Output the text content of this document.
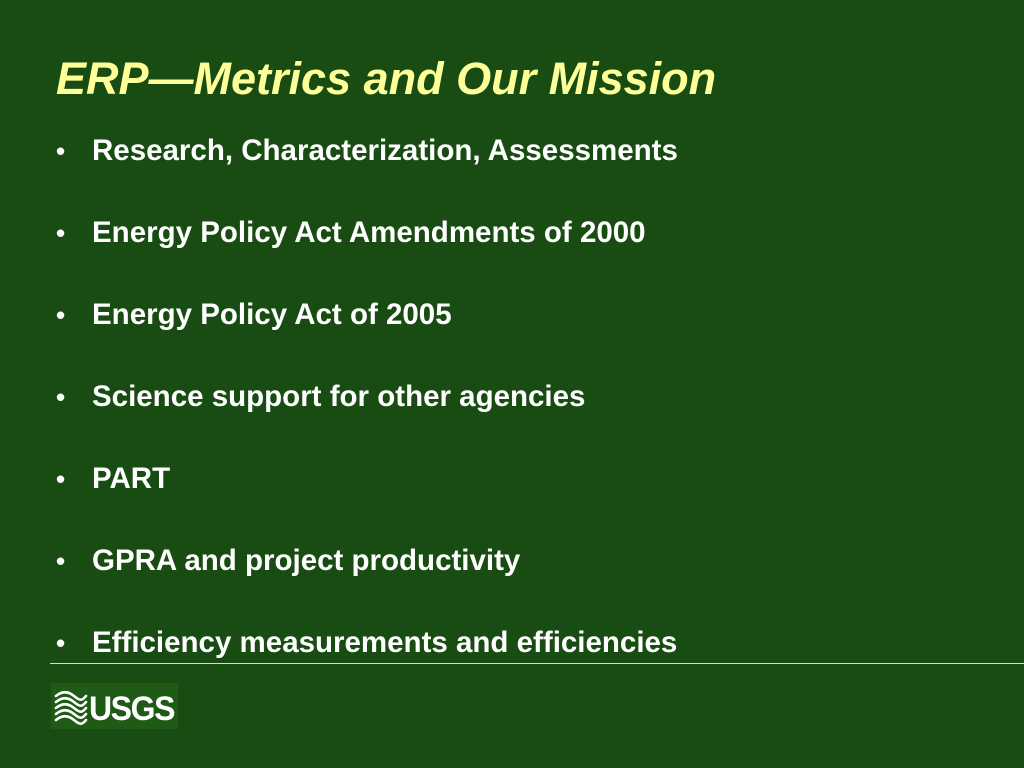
ERP—Metrics and Our Mission
• Research, Characterization, Assessments
• Energy Policy Act Amendments of 2000
• Energy Policy Act of 2005
• Science support for other agencies
• PART
• GPRA and project productivity
• Efficiency measurements and efficiencies
USGS
